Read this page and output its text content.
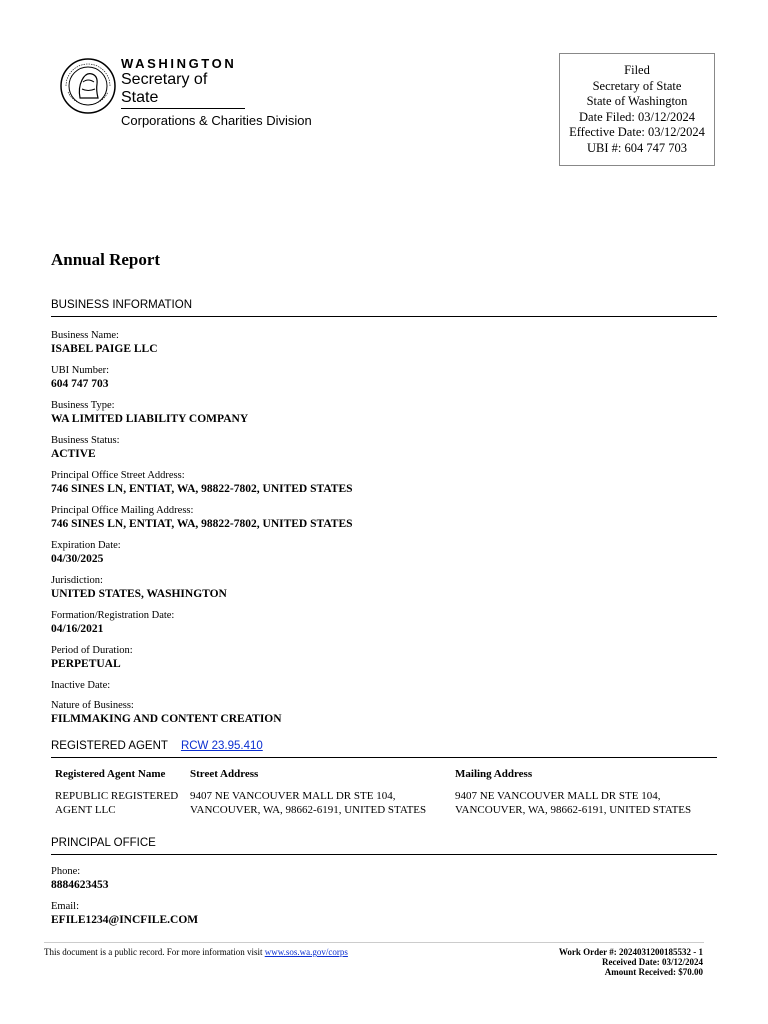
WASHINGTON
Secretary of State
Corporations & Charities Division
Filed
Secretary of State
State of Washington
Date Filed: 03/12/2024
Effective Date: 03/12/2024
UBI #: 604 747 703
Annual Report
BUSINESS INFORMATION
Business Name:
ISABEL PAIGE LLC
UBI Number:
604 747 703
Business Type:
WA LIMITED LIABILITY COMPANY
Business Status:
ACTIVE
Principal Office Street Address:
746 SINES LN, ENTIAT, WA, 98822-7802, UNITED STATES
Principal Office Mailing Address:
746 SINES LN, ENTIAT, WA, 98822-7802, UNITED STATES
Expiration Date:
04/30/2025
Jurisdiction:
UNITED STATES, WASHINGTON
Formation/Registration Date:
04/16/2021
Period of Duration:
PERPETUAL
Inactive Date:
Nature of Business:
FILMMAKING AND CONTENT CREATION
REGISTERED AGENT RCW 23.95.410
Registered Agent Name	Street Address	Mailing Address
REPUBLIC REGISTERED AGENT LLC	9407 NE VANCOUVER MALL DR STE 104, VANCOUVER, WA, 98662-6191, UNITED STATES	9407 NE VANCOUVER MALL DR STE 104, VANCOUVER, WA, 98662-6191, UNITED STATES
PRINCIPAL OFFICE
Phone:
8884623453
Email:
EFILE1234@INCFILE.COM
This document is a public record. For more information visit www.sos.wa.gov/corps	Work Order #: 2024031200185532 - 1
Received Date: 03/12/2024
Amount Received: $70.00
